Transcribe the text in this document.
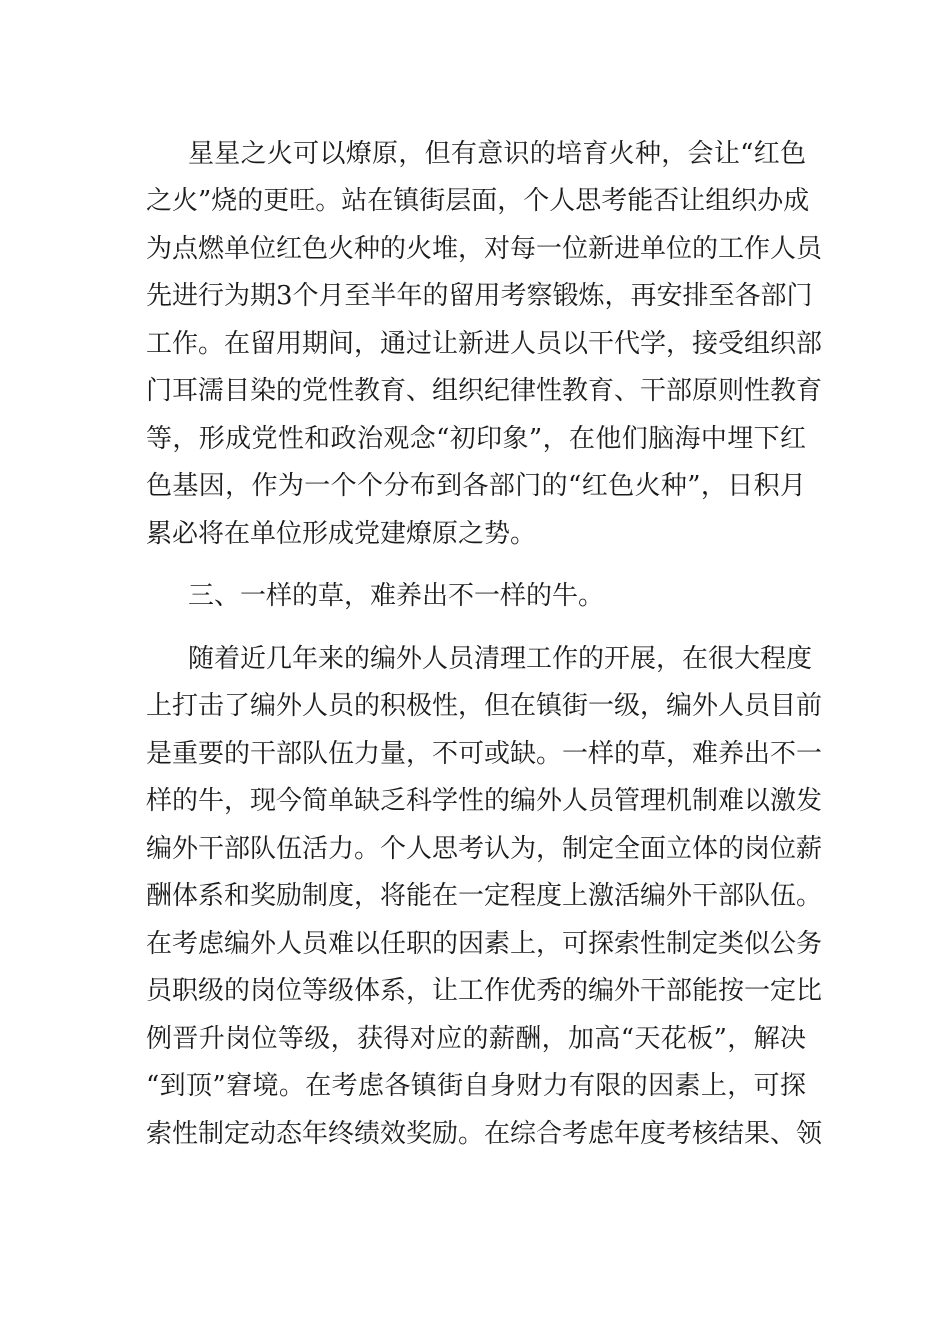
星星之火可以燎原，但有意识的培育火种，会让“红色
之火”烧的更旺。站在镇街层面，个人思考能否让组织办成
为点燃单位红色火种的火堆，对每一位新进单位的工作人员
先进行为期3个月至半年的留用考察锻炼，再安排至各部门
工作。在留用期间，通过让新进人员以干代学，接受组织部
门耳濡目染的党性教育、组织纪律性教育、干部原则性教育
等，形成党性和政治观念“初印象”，在他们脑海中埋下红
色基因，作为一个个分布到各部门的“红色火种”，日积月
累必将在单位形成党建燎原之势。
三、一样的草，难养出不一样的牛。
随着近几年来的编外人员清理工作的开展，在很大程度
上打击了编外人员的积极性，但在镇街一级，编外人员目前
是重要的干部队伍力量，不可或缺。一样的草，难养出不一
样的牛，现今简单缺乏科学性的编外人员管理机制难以激发
编外干部队伍活力。个人思考认为，制定全面立体的岗位薪
酬体系和奖励制度，将能在一定程度上激活编外干部队伍。
在考虑编外人员难以任职的因素上，可探索性制定类似公务
员职级的岗位等级体系，让工作优秀的编外干部能按一定比
例晋升岗位等级，获得对应的薪酬，加高“天花板”，解决
“到顶”窘境。在考虑各镇街自身财力有限的因素上，可探
索性制定动态年终绩效奖励。在综合考虑年度考核结果、领
